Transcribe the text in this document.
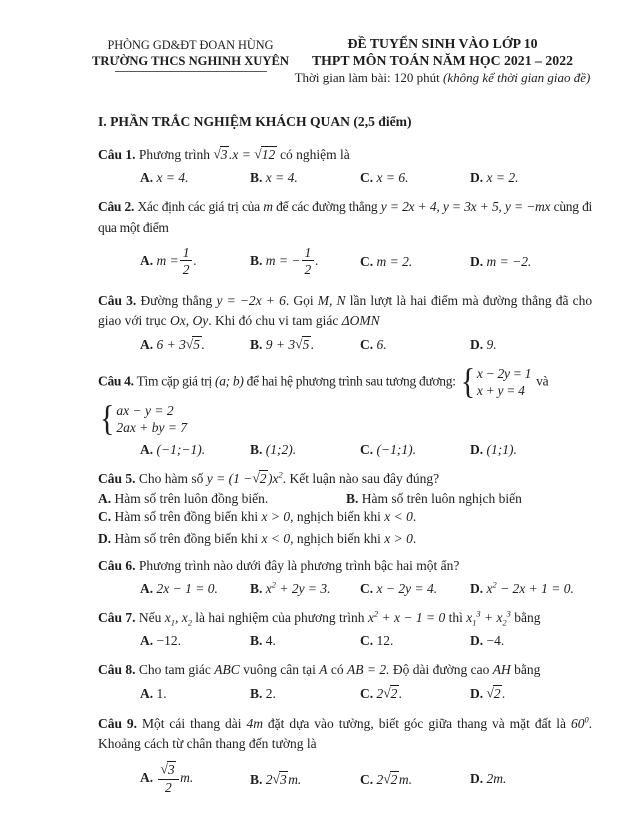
PHÒNG GD&ĐT ĐOAN HÙNG
TRƯỜNG THCS NGHINH XUYÊN
ĐỀ TUYỂN SINH VÀO LỚP 10
THPT MÔN TOÁN NĂM HỌC 2021 – 2022
Thời gian làm bài: 120 phút (không kể thời gian giao đề)
I. PHẦN TRẮC NGHIỆM KHÁCH QUAN (2,5 điểm)

Câu 1. Phương trình √ 3 .x = √ 12 có nghiệm là

A. x = 4.	B. x = 4.	C. x = 6.	D. x = 2.

Câu 2. Xác định các giá trị của m để các đường thẳng y = 2x + 4, y = 3x + 5, y = −mx cùng đi qua một điểm

A. $m = \frac{1}{2}$ .	B. m = − $\frac{1}{2}$ .	C. m = 2.	D. m = −2.

Câu 3. Đường thẳng y = −2x + 6. Gọi M, N lần lượt là hai điểm mà đường thẳng đã cho giao với trục Ox, Oy. Khi đó chu vi tam giác ΔOMN

A. 6 + 3 √ 5 .	B. 9 + 3 √ 5 .	C. 6.	D. 9.

Câu 4. Tìm cặp giá trị (a; b) để hai hệ phương trình sau tương đương:
{ x − 2y = 1
x + y = 4
và

{ ax − y = 2
2ax + by = 7

A. (−1;−1).	B. (1;2).	C. (−1;1).	D. (1;1).

Câu 5. Cho hàm số y = (1 − √ 2 )$x^2$. Kết luận nào sau đây đúng?

A. Hàm số trên luôn đồng biến.	B. Hàm số trên luôn nghịch biến

C. Hàm số trên đồng biến khi x > 0, nghịch biến khi x < 0.

D. Hàm số trên đồng biến khi x < 0, nghịch biến khi x > 0.

Câu 6. Phương trình nào dưới đây là phương trình bậc hai một ẩn?

A. 2x − 1 = 0.	B. $x^2 + 2y = 3$.	C. x − 2y = 4.	D. $x^2 - 2x + 1 = 0$.

Câu 7. Nếu $x_1$, $x_2$ là hai nghiệm của phương trình $x^2 + x - 1 = 0$ thì $x_1^3 + x_2^3$ bằng

A. −12.	B. 4.	C. 12.	D. −4.

Câu 8. Cho tam giác ABC vuông cân tại A có AB = 2. Độ dài đường cao AH bằng

A. 1.	B. 2.	C. 2 √ 2 .	D. √ 2 .

Câu 9. Một cái thang dài 4m đặt dựa vào tường, biết góc giữa thang và mặt đất là $60^0$. Khoảng cách từ chân thang đến tường là

A. √ $\frac{3}{2} m$.	B. 2 √ 3 m.	C. 2 √ 2 m.	D. 2m.
